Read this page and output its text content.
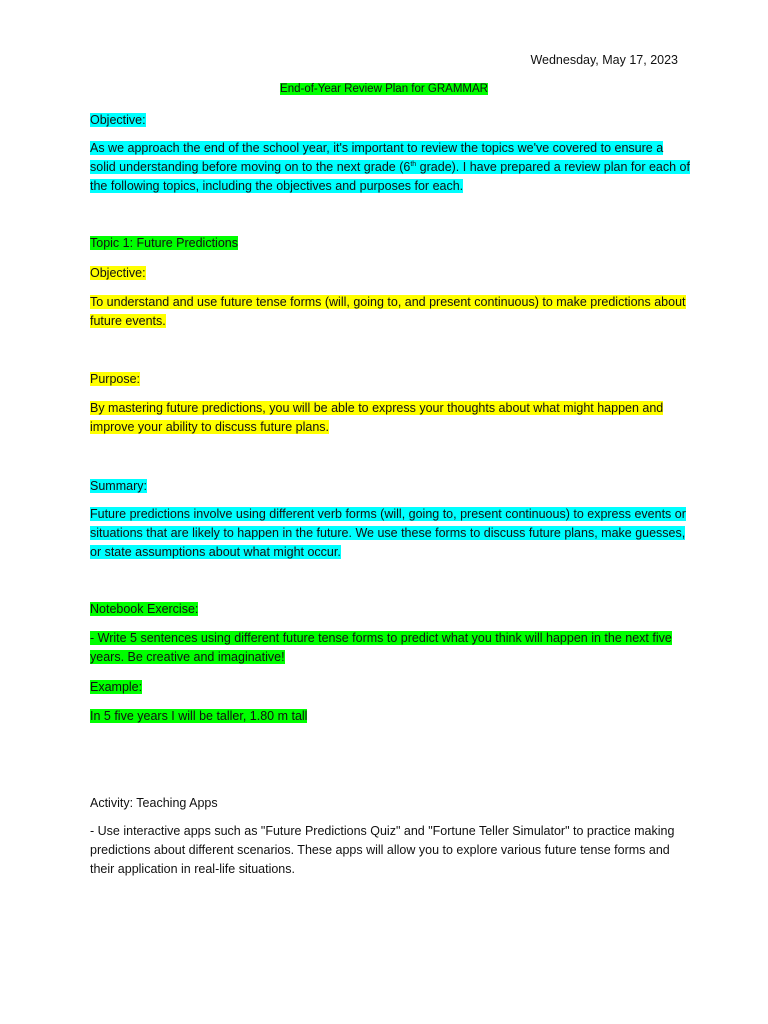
Wednesday, May 17, 2023
End-of-Year Review Plan for GRAMMAR
Objective:
As we approach the end of the school year, it's important to review the topics we've covered to ensure a solid understanding before moving on to the next grade (6th grade). I have prepared a review plan for each of the following topics, including the objectives and purposes for each.
Topic 1: Future Predictions
Objective:
To understand and use future tense forms (will, going to, and present continuous) to make predictions about future events.
Purpose:
By mastering future predictions, you will be able to express your thoughts about what might happen and improve your ability to discuss future plans.
Summary:
Future predictions involve using different verb forms (will, going to, present continuous) to express events or situations that are likely to happen in the future. We use these forms to discuss future plans, make guesses, or state assumptions about what might occur.
Notebook Exercise:
- Write 5 sentences using different future tense forms to predict what you think will happen in the next five years. Be creative and imaginative!
Example:
In 5 five years I will be taller, 1.80 m tall
Activity: Teaching Apps
- Use interactive apps such as "Future Predictions Quiz" and "Fortune Teller Simulator" to practice making predictions about different scenarios. These apps will allow you to explore various future tense forms and their application in real-life situations.
